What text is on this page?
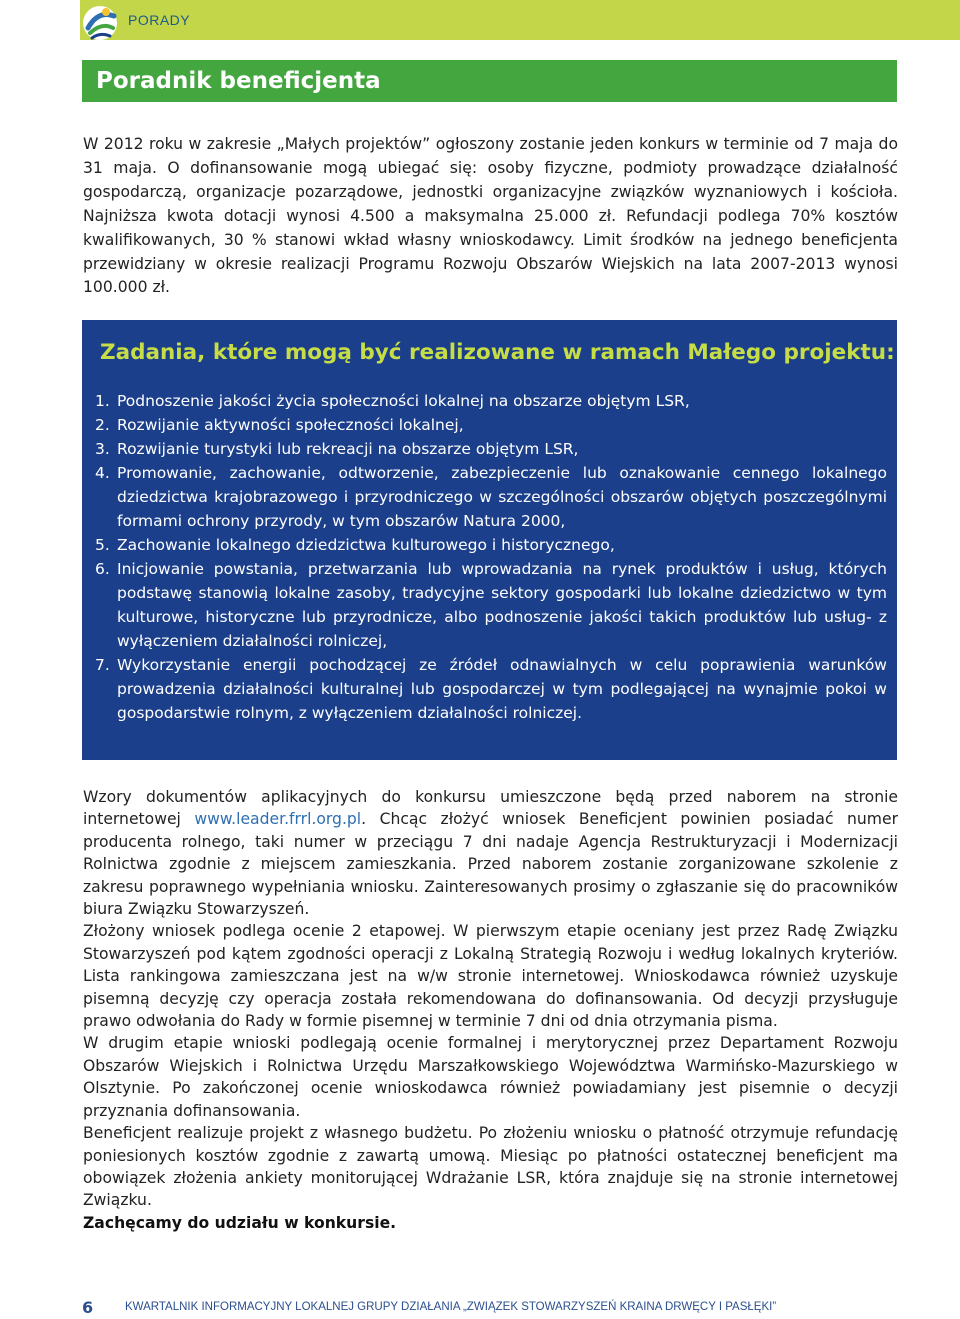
PORADY
Poradnik beneficjenta

W 2012 roku w zakresie „Małych projektów” ogłoszony zostanie jeden konkurs w terminie od 7 maja do 31 maja. O dofinansowanie mogą ubiegać się: osoby fizyczne, podmioty prowadzące działalność gospodarczą, organizacje pozarządowe, jednostki organizacyjne związków wyznaniowych i kościoła. Najniższa kwota dotacji wynosi 4.500 a maksymalna 25.000 zł. Refundacji podlega 70% kosztów kwalifikowanych, 30 % stanowi wkład własny wnioskodawcy. Limit środków na jednego beneficjenta przewidziany w okresie realizacji Programu Rozwoju Obszarów Wiejskich na lata 2007-2013 wynosi 100.000 zł.

Zadania, które mogą być realizowane w ramach Małego projektu:
1. Podnoszenie jakości życia społeczności lokalnej na obszarze objętym LSR,
2. Rozwijanie aktywności społeczności lokalnej,
3. Rozwijanie turystyki lub rekreacji na obszarze objętym LSR,
4. Promowanie, zachowanie, odtworzenie, zabezpieczenie lub oznakowanie cennego lokalnego dziedzictwa krajobrazowego i przyrodniczego w szczególności obszarów objętych poszczególnymi formami ochrony przyrody, w tym obszarów Natura 2000,
5. Zachowanie lokalnego dziedzictwa kulturowego i historycznego,
6. Inicjowanie powstania, przetwarzania lub wprowadzania na rynek produktów i usług, których podstawę stanowią lokalne zasoby, tradycyjne sektory gospodarki lub lokalne dziedzictwo w tym kulturowe, historyczne lub przyrodnicze, albo podnoszenie jakości takich produktów lub usług- z wyłączeniem działalności rolniczej,
7. Wykorzystanie energii pochodzącej ze źródeł odnawialnych w celu poprawienia warunków prowadzenia działalności kulturalnej lub gospodarczej w tym podlegającej na wynajmie pokoi w gospodarstwie rolnym, z wyłączeniem działalności rolniczej.

Wzory dokumentów aplikacyjnych do konkursu umieszczone będą przed naborem na stronie internetowej www.leader.frrl.org.pl. Chcąc złożyć wniosek Beneficjent powinien posiadać numer producenta rolnego, taki numer w przeciągu 7 dni nadaje Agencja Restrukturyzacji i Modernizacji Rolnictwa zgodnie z miejscem zamieszkania. Przed naborem zostanie zorganizowane szkolenie z zakresu poprawnego wypełniania wniosku. Zainteresowanych prosimy o zgłaszanie się do pracowników biura Związku Stowarzyszeń.

Złożony wniosek podlega ocenie 2 etapowej. W pierwszym etapie oceniany jest przez Radę Związku Stowarzyszeń pod kątem zgodności operacji z Lokalną Strategią Rozwoju i według lokalnych kryteriów. Lista rankingowa zamieszczana jest na w/w stronie internetowej. Wnioskodawca również uzyskuje pisemną decyzję czy operacja została rekomendowana do dofinansowania. Od decyzji przysługuje prawo odwołania do Rady w formie pisemnej w terminie 7 dni od dnia otrzymania pisma.

W drugim etapie wnioski podlegają ocenie formalnej i merytorycznej przez Departament Rozwoju Obszarów Wiejskich i Rolnictwa Urzędu Marszałkowskiego Województwa Warmińsko-Mazurskiego w Olsztynie. Po zakończonej ocenie wnioskodawca również powiadamiany jest pisemnie o decyzji przyznania dofinansowania.

Beneficjent realizuje projekt z własnego budżetu. Po złożeniu wniosku o płatność otrzymuje refundację poniesionych kosztów zgodnie z zawartą umową. Miesiąc po płatności ostatecznej beneficjent ma obowiązek złożenia ankiety monitorującej Wdrażanie LSR, która znajduje się na stronie internetowej Związku.

Zachęcamy do udziału w konkursie.

6	KWARTALNIK INFORMACYJNY LOKALNEJ GRUPY DZIAŁANIA „ZWIĄZEK STOWARZYSZEŃ KRAINA DRWĘCY I PASŁĘKI”
